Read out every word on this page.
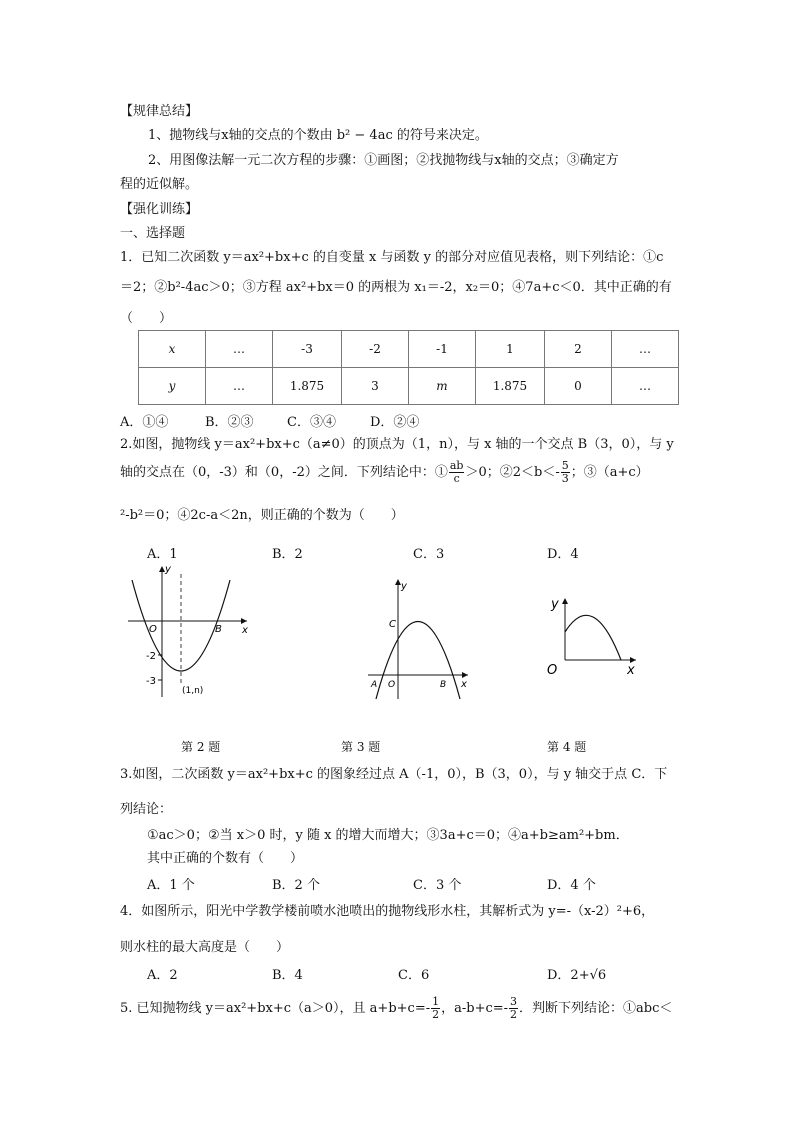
【规律总结】
1、抛物线与x轴的交点的个数由 b² − 4ac 的符号来决定。
2、用图像法解一元二次方程的步骤：①画图；②找抛物线与x轴的交点；③确定方
程的近似解。
【强化训练】
一、选择题
1．已知二次函数 y＝ax²+bx+c 的自变量 x 与函数 y 的部分对应值见表格，则下列结论：①c
＝2；②b²-4ac＞0；③方程 ax²+bx＝0 的两根为 x₁＝-2，x₂＝0；④7a+c＜0．其中正确的有
（　　）
x	…	-3	-2	-1	1	2	…
y	…	1.875	3	m	1.875	0	…
A．①④	B．②③	C．③④	D．②④
2.如图，抛物线 y＝ax²+bx+c（a≠0）的顶点为（1，n），与 x 轴的一个交点 B（3，0），与 y
轴的交点在（0，-3）和（0，-2）之间．下列结论中：① $\frac{ab}{c} >0$；②2＜b＜- $\frac{5}{3}$ ；③（a+c）
²-b²＝0；④2c-a＜2n，则正确的个数为（　　）
A．1	B．2	C．3	D．4
y
x
O	B
-2
-3
(1,n)
y
x
C
A O	B
y
x
O
第 2 题	第 3 题	第 4 题
3.如图，二次函数 y＝ax²+bx+c 的图象经过点 A（-1，0），B（3，0），与 y 轴交于点 C．下
列结论：
①ac＞0；②当 x＞0 时，y 随 x 的增大而增大；③3a+c＝0；④a+b≥am²+bm．
其中正确的个数有（　　）
A．1 个	B．2 个	C．3 个	D．4 个
4．如图所示，阳光中学教学楼前喷水池喷出的抛物线形水柱，其解析式为 y=-（x-2）²+6，
则水柱的最大高度是（　　）
A．2	B．4	C．6	D．2+√6
5. 已知抛物线 y＝ax²+bx+c（a＞0），且 $a+b+c=- \frac{1}{2}$ ，$a-b+c=- \frac{3}{2}$ ．判断下列结论：①abc＜
